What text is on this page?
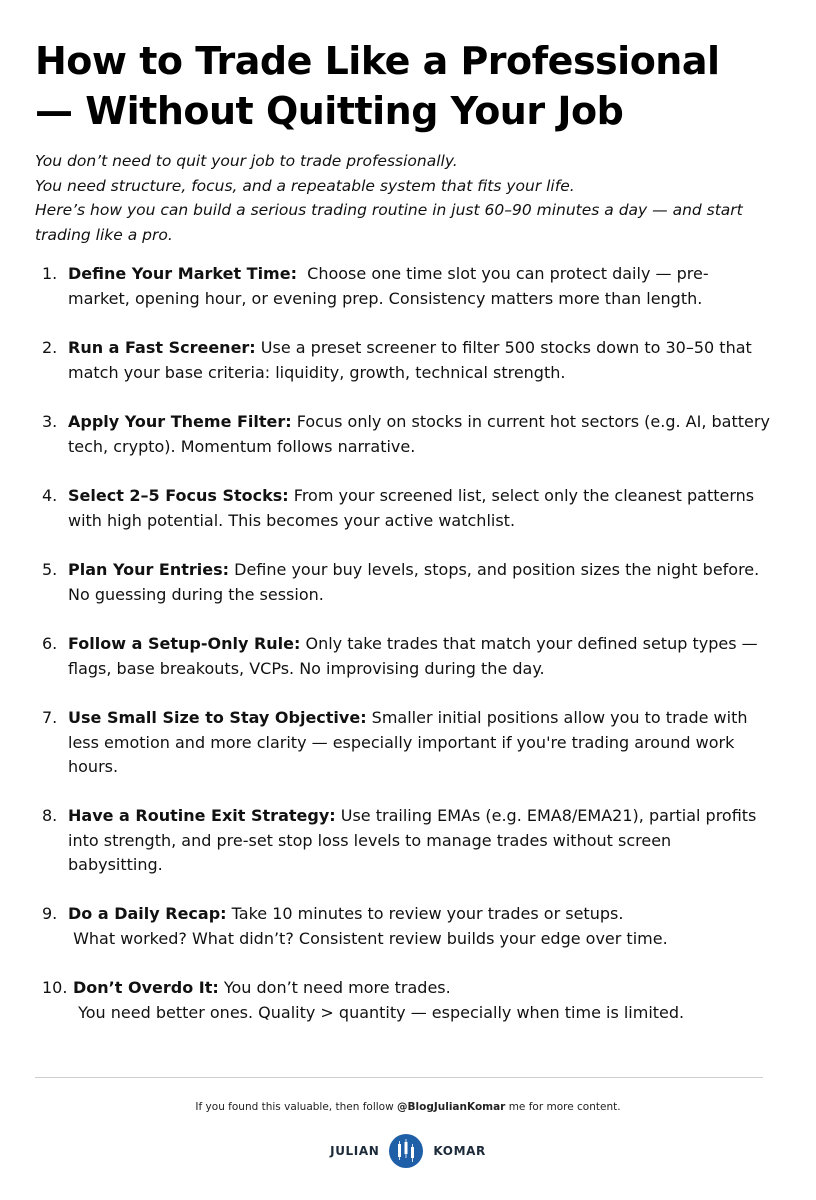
How to Trade Like a Professional
— Without Quitting Your Job

You don’t need to quit your job to trade professionally.

You need structure, focus, and a repeatable system that fits your life.

Here’s how you can build a serious trading routine in just 60–90 minutes a day — and start

trading like a pro.

1. Define Your Market Time:  Choose one time slot you can protect daily — pre-
market, opening hour, or evening prep. Consistency matters more than length.
2. Run a Fast Screener: Use a preset screener to filter 500 stocks down to 30–50 that
match your base criteria: liquidity, growth, technical strength.
3. Apply Your Theme Filter: Focus only on stocks in current hot sectors (e.g. AI, battery
tech, crypto). Momentum follows narrative.
4. Select 2–5 Focus Stocks: From your screened list, select only the cleanest patterns
with high potential. This becomes your active watchlist.
5. Plan Your Entries: Define your buy levels, stops, and position sizes the night before.
No guessing during the session.
6. Follow a Setup-Only Rule: Only take trades that match your defined setup types —
flags, base breakouts, VCPs. No improvising during the day.
7. Use Small Size to Stay Objective: Smaller initial positions allow you to trade with
less emotion and more clarity — especially important if you're trading around work
hours.
8. Have a Routine Exit Strategy: Use trailing EMAs (e.g. EMA8/EMA21), partial profits
into strength, and pre-set stop loss levels to manage trades without screen
babysitting.
9. Do a Daily Recap: Take 10 minutes to review your trades or setups.
What worked? What didn’t? Consistent review builds your edge over time.
10. Don’t Overdo It: You don’t need more trades.
You need better ones. Quality > quantity — especially when time is limited.
If you found this valuable, then follow @BlogJulianKomar me for more content.
JULIAN	KOMAR
